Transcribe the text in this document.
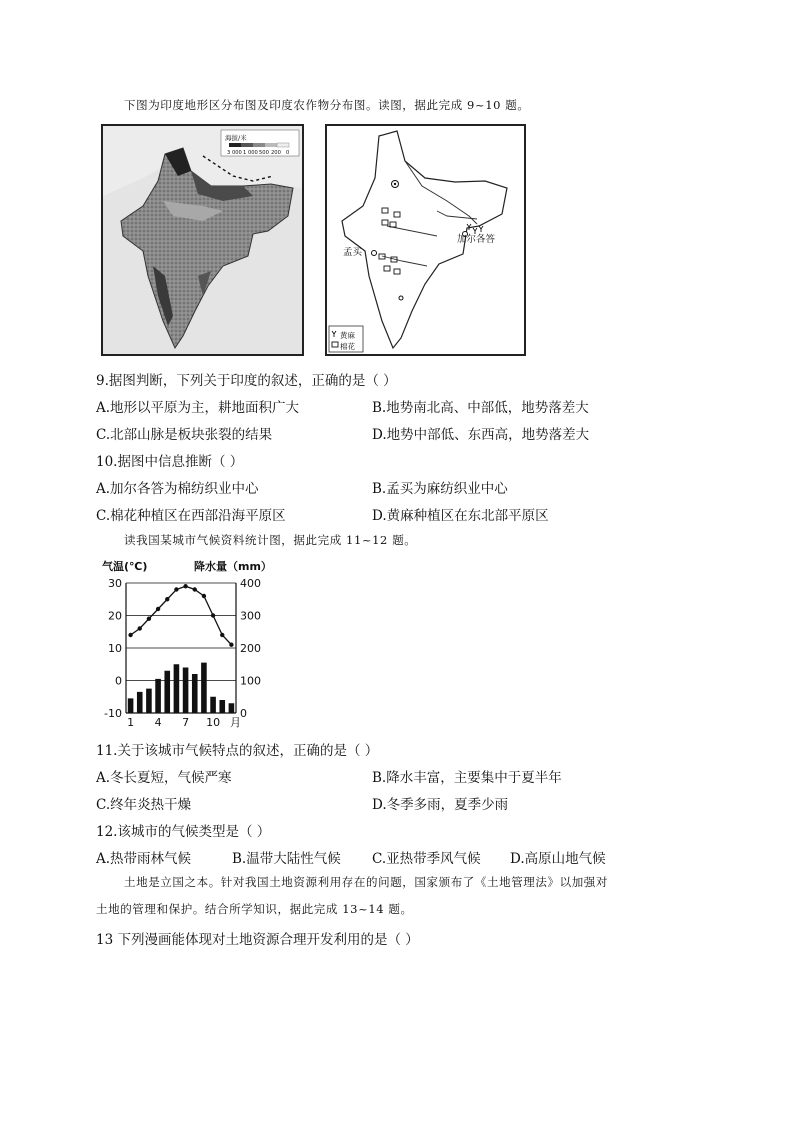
下图为印度地形区分布图及印度农作物分布图。读图，据此完成 9~10 题。
海拔/米
3 000 1 000 500 200 0
孟买
加尔各答
黄麻
棉花
9.据图判断，下列关于印度的叙述，正确的是（ ）
A.地形以平原为主，耕地面积广大	B.地势南北高、中部低，地势落差大
C.北部山脉是板块张裂的结果	D.地势中部低、东西高，地势落差大
10.据图中信息推断（ ）
A.加尔各答为棉纺织业中心	B.孟买为麻纺织业中心
C.棉花种植区在西部沿海平原区	D.黄麻种植区在东北部平原区
读我国某城市气候资料统计图，据此完成 11~12 题。
气温(℃)	降水量（mm）
30
20
10
0
-10
400
300
200
100
0
1 4 7 10 月
11.关于该城市气候特点的叙述，正确的是（ ）
A.冬长夏短，气候严寒	B.降水丰富，主要集中于夏半年
C.终年炎热干燥	D.冬季多雨，夏季少雨
12.该城市的气候类型是（ ）
A.热带雨林气候	B.温带大陆性气候 C.亚热带季风气候 D.高原山地气候
土地是立国之本。针对我国土地资源利用存在的问题，国家颁布了《土地管理法》以加强对
土地的管理和保护。结合所学知识，据此完成 13~14 题。
13 下列漫画能体现对土地资源合理开发利用的是（ ）
